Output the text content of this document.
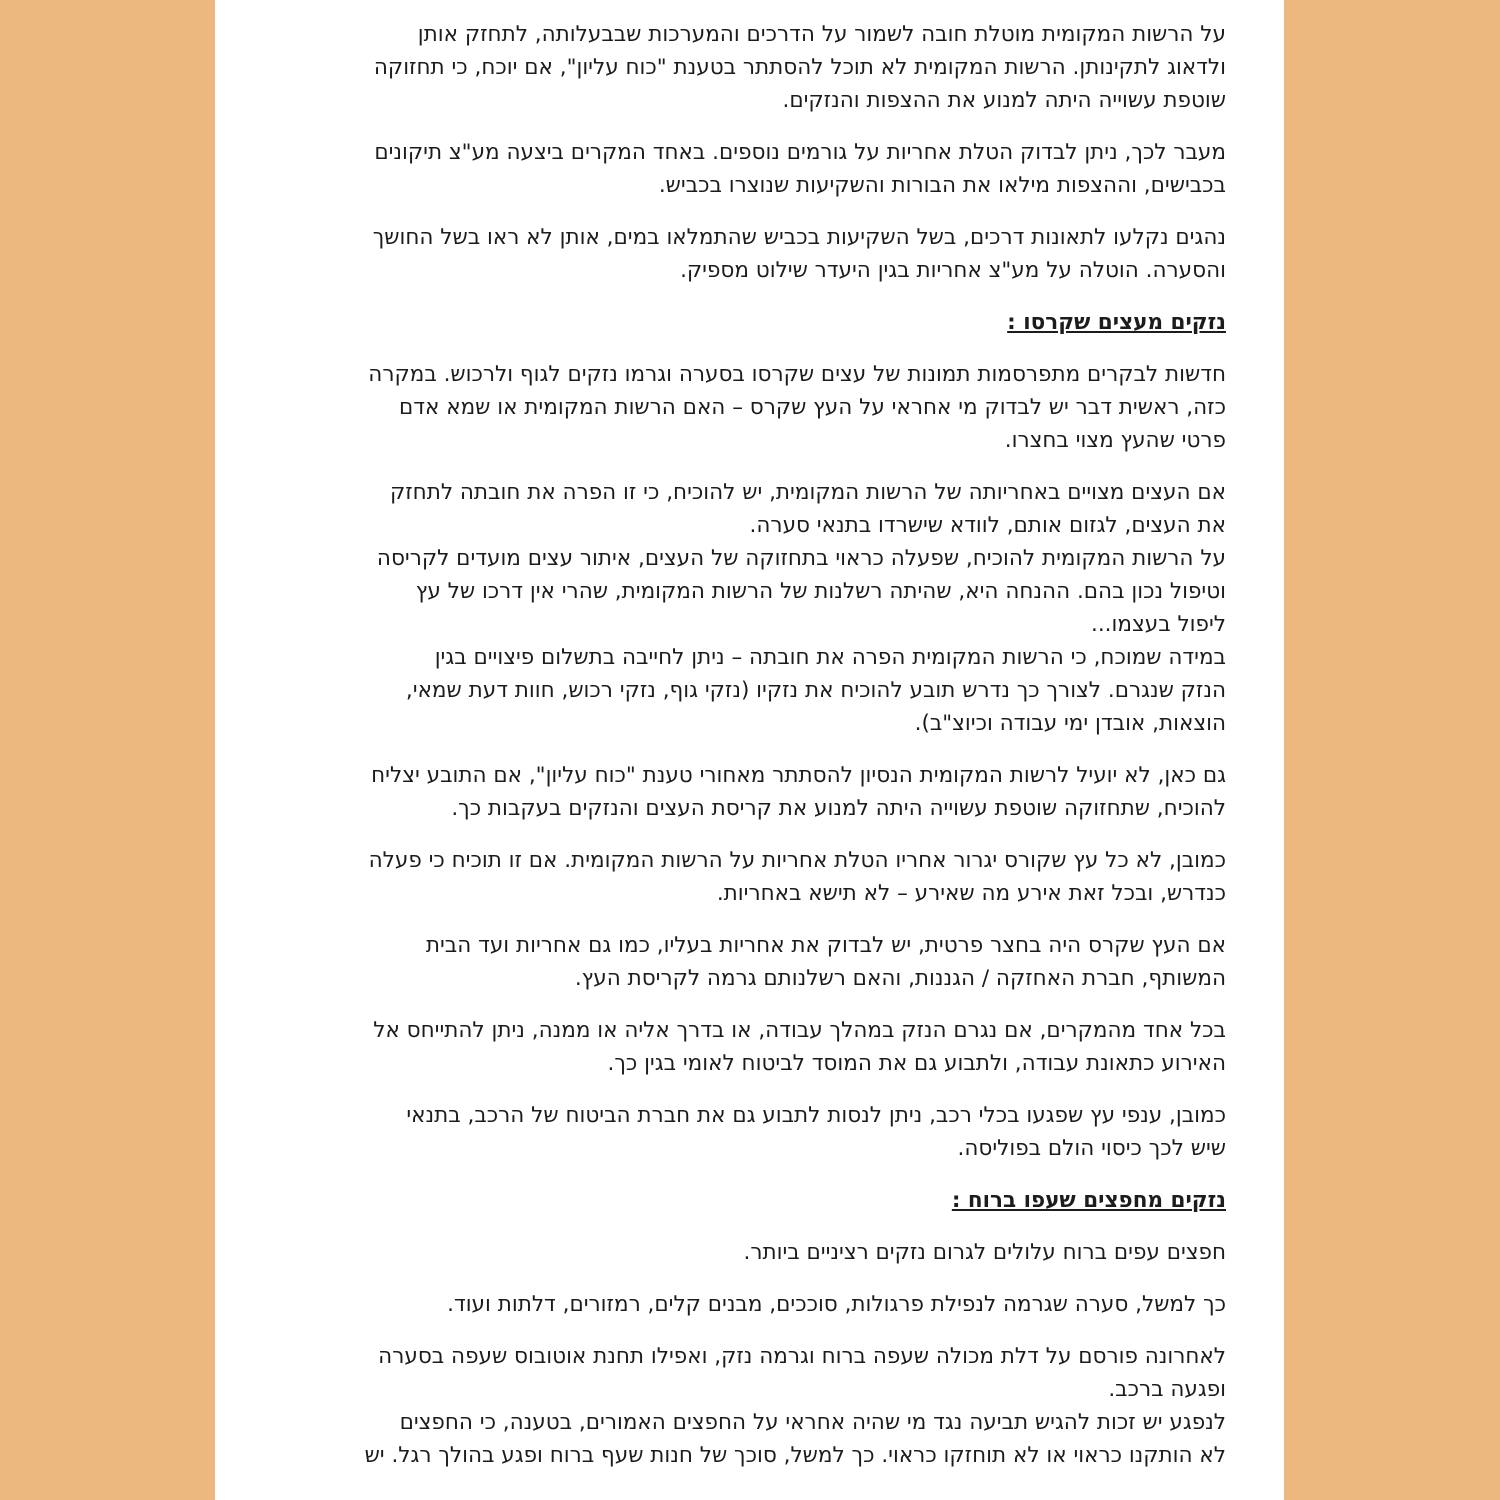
על הרשות המקומית מוטלת חובה לשמור על הדרכים והמערכות שבבעלותה, לתחזק אותן
ולדאוג לתקינותן. הרשות המקומית לא תוכל להסתתר בטענת "כוח עליון", אם יוכח, כי תחזוקה
שוטפת עשוייה היתה למנוע את ההצפות והנזקים.

מעבר לכך, ניתן לבדוק הטלת אחריות על גורמים נוספים. באחד המקרים ביצעה מע"צ תיקונים
בכבישים, וההצפות מילאו את הבורות והשקיעות שנוצרו בכביש.

נהגים נקלעו לתאונות דרכים, בשל השקיעות בכביש שהתמלאו במים, אותן לא ראו בשל החושך
והסערה. הוטלה על מע"צ אחריות בגין היעדר שילוט מספיק.

נזקים מעצים שקרסו :

חדשות לבקרים מתפרסמות תמונות של עצים שקרסו בסערה וגרמו נזקים לגוף ולרכוש. במקרה
כזה, ראשית דבר יש לבדוק מי אחראי על העץ שקרס – האם הרשות המקומית או שמא אדם
פרטי שהעץ מצוי בחצרו.

אם העצים מצויים באחריותה של הרשות המקומית, יש להוכיח, כי זו הפרה את חובתה לתחזק
את העצים, לגזום אותם, לוודא שישרדו בתנאי סערה.
על הרשות המקומית להוכיח, שפעלה כראוי בתחזוקה של העצים, איתור עצים מועדים לקריסה
וטיפול נכון בהם. ההנחה היא, שהיתה רשלנות של הרשות המקומית, שהרי אין דרכו של עץ
ליפול בעצמו...
במידה שמוכח, כי הרשות המקומית הפרה את חובתה – ניתן לחייבה בתשלום פיצויים בגין
הנזק שנגרם. לצורך כך נדרש תובע להוכיח את נזקיו (נזקי גוף, נזקי רכוש, חוות דעת שמאי,
הוצאות, אובדן ימי עבודה וכיוצ"ב).

גם כאן, לא יועיל לרשות המקומית הנסיון להסתתר מאחורי טענת "כוח עליון", אם התובע יצליח
להוכיח, שתחזוקה שוטפת עשוייה היתה למנוע את קריסת העצים והנזקים בעקבות כך.

כמובן, לא כל עץ שקורס יגרור אחריו הטלת אחריות על הרשות המקומית. אם זו תוכיח כי פעלה
כנדרש, ובכל זאת אירע מה שאירע – לא תישא באחריות.

אם העץ שקרס היה בחצר פרטית, יש לבדוק את אחריות בעליו, כמו גם אחריות ועד הבית
המשותף, חברת האחזקה / הגננות, והאם רשלנותם גרמה לקריסת העץ.

בכל אחד מהמקרים, אם נגרם הנזק במהלך עבודה, או בדרך אליה או ממנה, ניתן להתייחס אל
האירוע כתאונת עבודה, ולתבוע גם את המוסד לביטוח לאומי בגין כך.

כמובן, ענפי עץ שפגעו בכלי רכב, ניתן לנסות לתבוע גם את חברת הביטוח של הרכב, בתנאי
שיש לכך כיסוי הולם בפוליסה.

נזקים מחפצים שעפו ברוח :

חפצים עפים ברוח עלולים לגרום נזקים רציניים ביותר.

כך למשל, סערה שגרמה לנפילת פרגולות, סוככים, מבנים קלים, רמזורים, דלתות ועוד.

לאחרונה פורסם על דלת מכולה שעפה ברוח וגרמה נזק, ואפילו תחנת אוטובוס שעפה בסערה
ופגעה ברכב.
לנפגע יש זכות להגיש תביעה נגד מי שהיה אחראי על החפצים האמורים, בטענה, כי החפצים
לא הותקנו כראוי או לא תוחזקו כראוי. כך למשל, סוכך של חנות שעף ברוח ופגע בהולך רגל. יש
